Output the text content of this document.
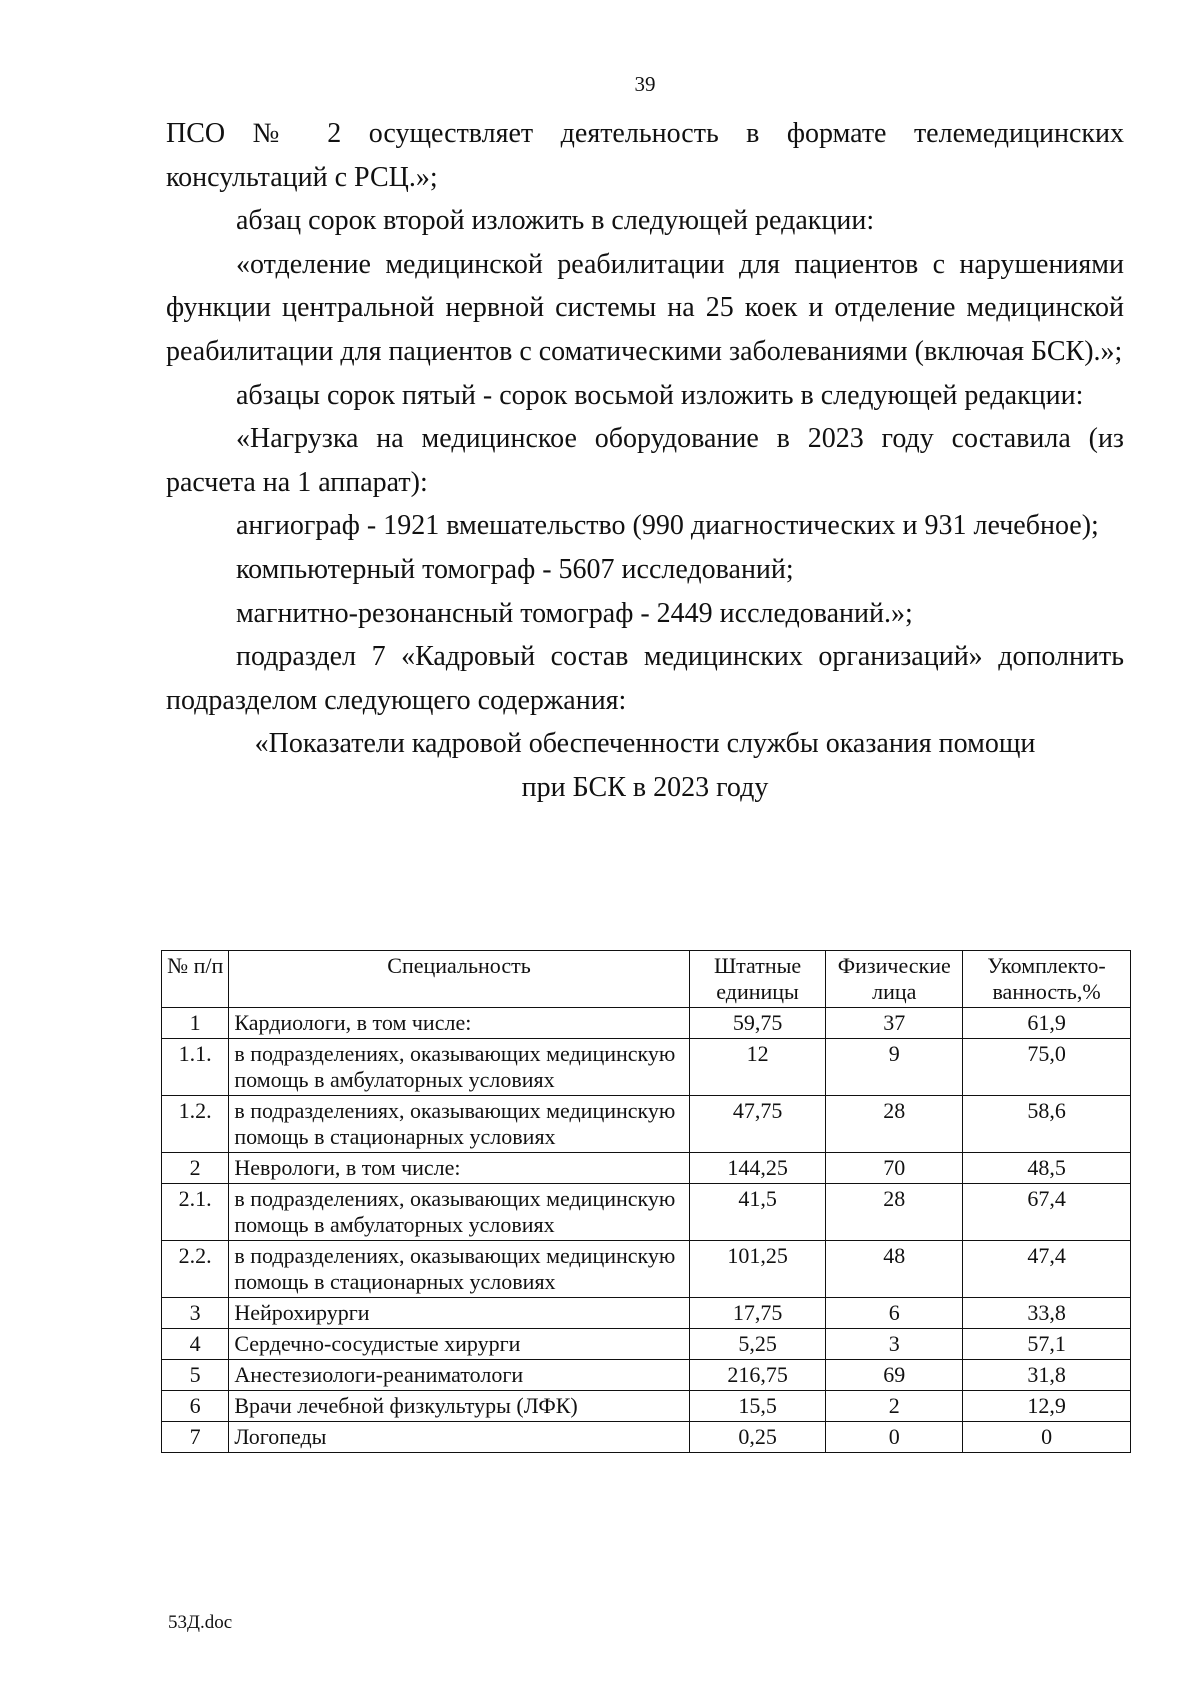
39

ПСО № 2 осуществляет деятельность в формате телемедицинских консультаций с РСЦ.»;

абзац сорок второй изложить в следующей редакции:

«отделение медицинской реабилитации для пациентов с нарушениями функции центральной нервной системы на 25 коек и отделение медицинской реабилитации для пациентов с соматическими заболеваниями (включая БСК).»;

абзацы сорок пятый - сорок восьмой изложить в следующей редакции:

«Нагрузка на медицинское оборудование в 2023 году составила (из расчета на 1 аппарат):

ангиограф - 1921 вмешательство (990 диагностических и 931 лечебное);

компьютерный томограф - 5607 исследований;

магнитно-резонансный томограф - 2449 исследований.»;

подраздел 7 «Кадровый состав медицинских организаций» дополнить подразделом следующего содержания:

«Показатели кадровой обеспеченности службы оказания помощи

при БСК в 2023 году

№ п/п	Специальность	Штатные единицы	Физические лица	Укомплекто-ванность,%
1	Кардиологи, в том числе:	59,75	37	61,9
1.1.	в подразделениях, оказывающих медицинскую помощь в амбулаторных условиях	12	9	75,0
1.2.	в подразделениях, оказывающих медицинскую помощь в стационарных условиях	47,75	28	58,6
2	Неврологи, в том числе:	144,25	70	48,5
2.1.	в подразделениях, оказывающих медицинскую помощь в амбулаторных условиях	41,5	28	67,4
2.2.	в подразделениях, оказывающих медицинскую помощь в стационарных условиях	101,25	48	47,4
3	Нейрохирурги	17,75	6	33,8
4	Сердечно-сосудистые хирурги	5,25	3	57,1
5	Анестезиологи-реаниматологи	216,75	69	31,8
6	Врачи лечебной физкультуры (ЛФК)	15,5	2	12,9
7	Логопеды	0,25	0	0
53Д.doc
